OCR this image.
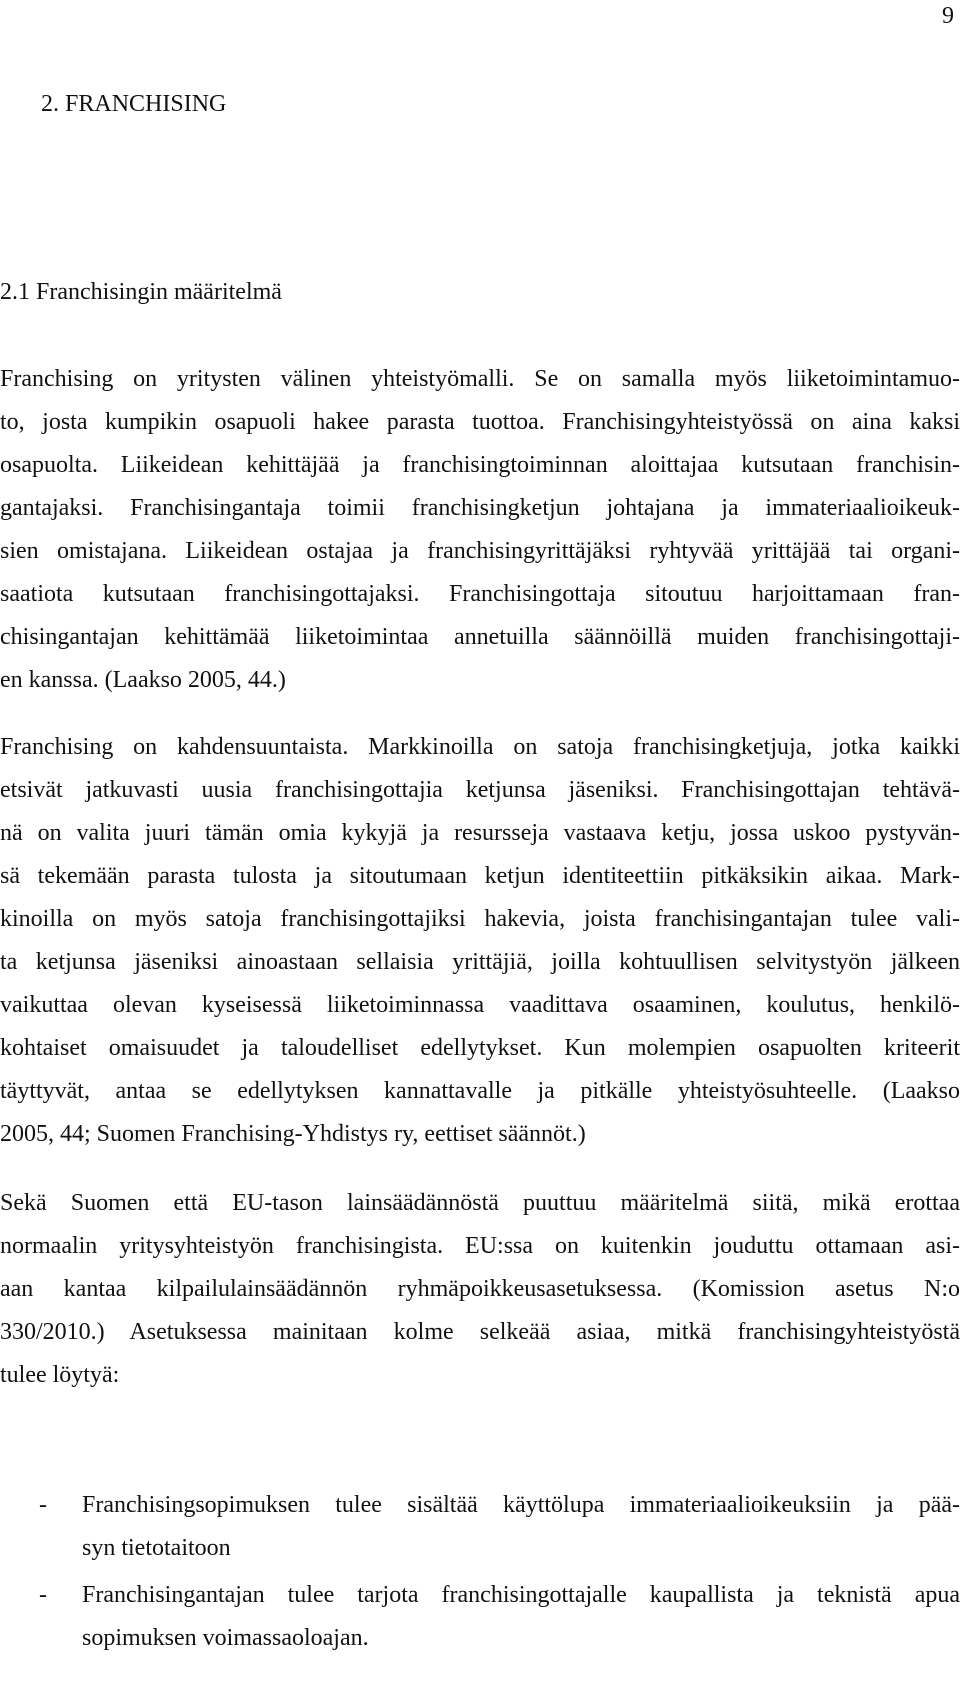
9
2. FRANCHISING
2.1 Franchisingin määritelmä
Franchising on yritysten välinen yhteistyömalli. Se on samalla myös liiketoimintamuo-
to, josta kumpikin osapuoli hakee parasta tuottoa. Franchisingyhteistyössä on aina kaksi
osapuolta. Liikeidean kehittäjää ja franchisingtoiminnan aloittajaa kutsutaan franchisin-
gantajaksi. Franchisingantaja toimii franchisingketjun johtajana ja immateriaalioikeuk-
sien omistajana. Liikeidean ostajaa ja franchisingyrittäjäksi ryhtyvää yrittäjää tai organi-
saatiota kutsutaan franchisingottajaksi. Franchisingottaja sitoutuu harjoittamaan fran-
chisingantajan kehittämää liiketoimintaa annetuilla säännöillä muiden franchisingottaji-
en kanssa. (Laakso 2005, 44.)
Franchising on kahdensuuntaista. Markkinoilla on satoja franchisingketjuja, jotka kaikki
etsivät jatkuvasti uusia franchisingottajia ketjunsa jäseniksi. Franchisingottajan tehtävä-
nä on valita juuri tämän omia kykyjä ja resursseja vastaava ketju, jossa uskoo pystyvän-
sä tekemään parasta tulosta ja sitoutumaan ketjun identiteettiin pitkäksikin aikaa. Mark-
kinoilla on myös satoja franchisingottajiksi hakevia, joista franchisingantajan tulee vali-
ta ketjunsa jäseniksi ainoastaan sellaisia yrittäjiä, joilla kohtuullisen selvitystyön jälkeen
vaikuttaa olevan kyseisessä liiketoiminnassa vaadittava osaaminen, koulutus, henkilö-
kohtaiset omaisuudet ja taloudelliset edellytykset. Kun molempien osapuolten kriteerit
täyttyvät, antaa se edellytyksen kannattavalle ja pitkälle yhteistyösuhteelle. (Laakso
2005, 44; Suomen Franchising-Yhdistys ry, eettiset säännöt.)
Sekä Suomen että EU-tason lainsäädännöstä puuttuu määritelmä siitä, mikä erottaa
normaalin yritysyhteistyön franchisingista. EU:ssa on kuitenkin jouduttu ottamaan asi-
aan kantaa kilpailulainsäädännön ryhmäpoikkeusasetuksessa. (Komission asetus N:o
330/2010.) Asetuksessa mainitaan kolme selkeää asiaa, mitkä franchisingyhteistyöstä
tulee löytyä:
- Franchisingsopimuksen tulee sisältää käyttölupa immateriaalioikeuksiin ja pää-
syn tietotaitoon
- Franchisingantajan tulee tarjota franchisingottajalle kaupallista ja teknistä apua
sopimuksen voimassaoloajan.
